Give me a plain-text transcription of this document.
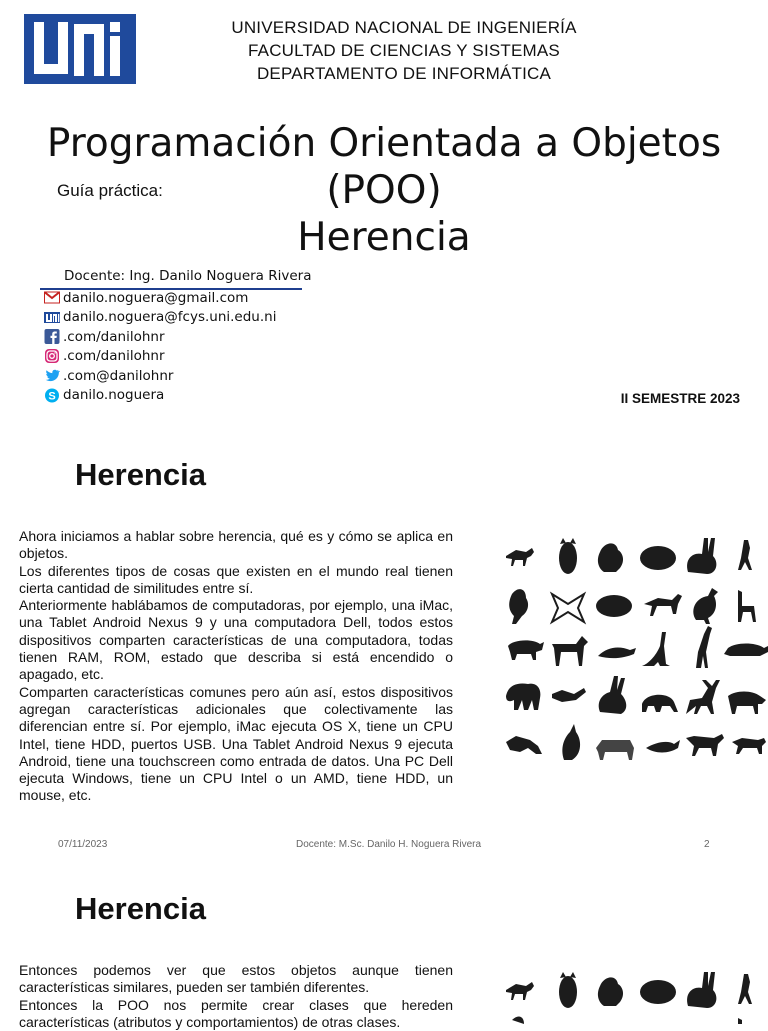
UNIVERSIDAD NACIONAL DE INGENIERÍA
FACULTAD DE CIENCIAS Y SISTEMAS
DEPARTAMENTO DE INFORMÁTICA
Programación Orientada a Objetos
(POO)
Herencia
Guía práctica:
Docente: Ing. Danilo Noguera Rivera
danilo.noguera@gmail.com
danilo.noguera@fcys.uni.edu.ni
.com/danilohnr
.com/danilohnr
.com@danilohnr
S danilo.noguera	II SEMESTRE 2023
Herencia

Ahora iniciamos a hablar sobre herencia, qué es y cómo se aplica en objetos.

Los diferentes tipos de cosas que existen en el mundo real tienen cierta cantidad de similitudes entre sí.

Anteriormente hablábamos de computadoras, por ejemplo, una iMac, una Tablet Android Nexus 9 y una computadora Dell, todos estos dispositivos comparten características de una computadora, todas tienen RAM, ROM, estado que describa si está encendido o apagado, etc.

Comparten características comunes pero aún así, estos dispositivos agregan características adicionales que colectivamente las diferencian entre sí. Por ejemplo, iMac ejecuta OS X, tiene un CPU Intel, tiene HDD, puertos USB. Una Tablet Android Nexus 9 ejecuta Android, tiene una touchscreen como entrada de datos. Una PC Dell ejecuta Windows, tiene un CPU Intel o un AMD, tiene HDD, un mouse, etc.

07/11/2023	Docente: M.Sc. Danilo H. Noguera Rivera	2
Herencia

Entonces podemos ver que estos objetos aunque tienen características similares, pueden ser también diferentes.

Entonces la POO nos permite crear clases que hereden características (atributos y comportamientos) de otras clases.
